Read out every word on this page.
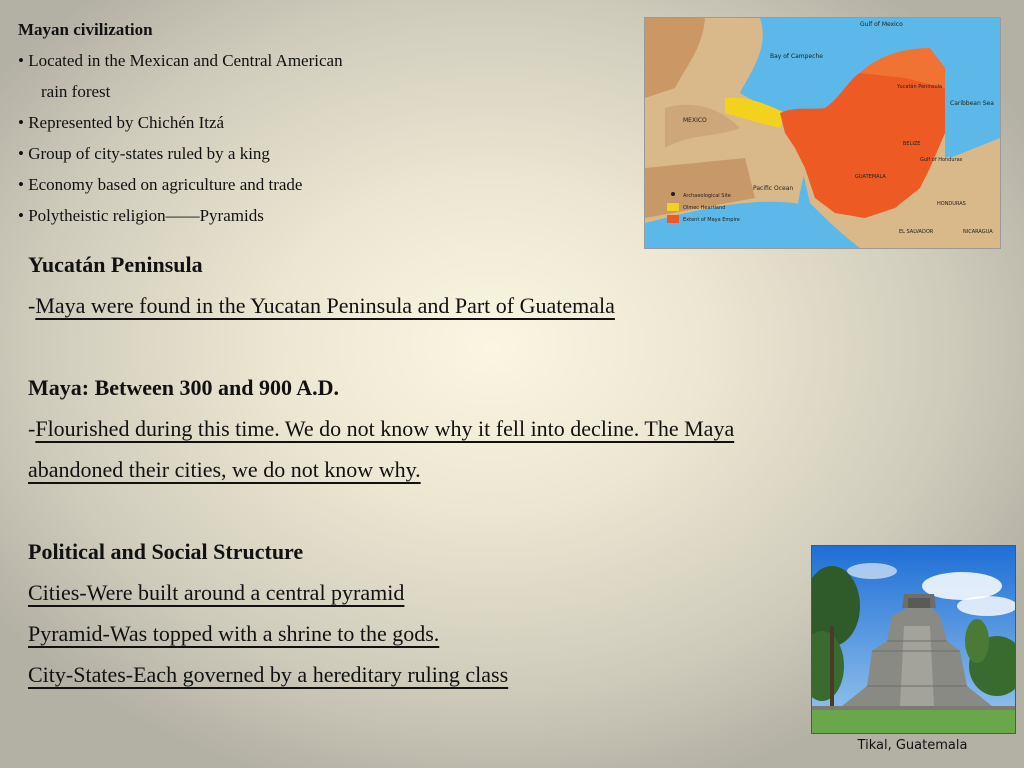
Mayan civilization
• Located in the Mexican and Central American
rain forest
• Represented by Chichén Itzá
• Group of city-states ruled by a king
• Economy based on agriculture and trade
• Polytheistic religion——Pyramids
Archaeological Site
Olmec Heartland
Extent of Maya Empire
Gulf of Mexico
Bay of Campeche
Caribbean Sea
Gulf of Honduras
Pacific Ocean
MEXICO
BELIZE
GUATEMALA
HONDURAS
EL SALVADOR	NICARAGUA
Yucatán Peninsula
Yucatán Peninsula
-Maya were found in the Yucatan Peninsula and Part of Guatemala
Maya: Between 300 and 900 A.D.
-Flourished during this time. We do not know why it fell into decline. The Maya
abandoned their cities, we do not know why.
Political and Social Structure
Cities-Were built around a central pyramid
Pyramid-Was topped with a shrine to the gods.
City-States-Each governed by a hereditary ruling class
Tikal, Guatemala
